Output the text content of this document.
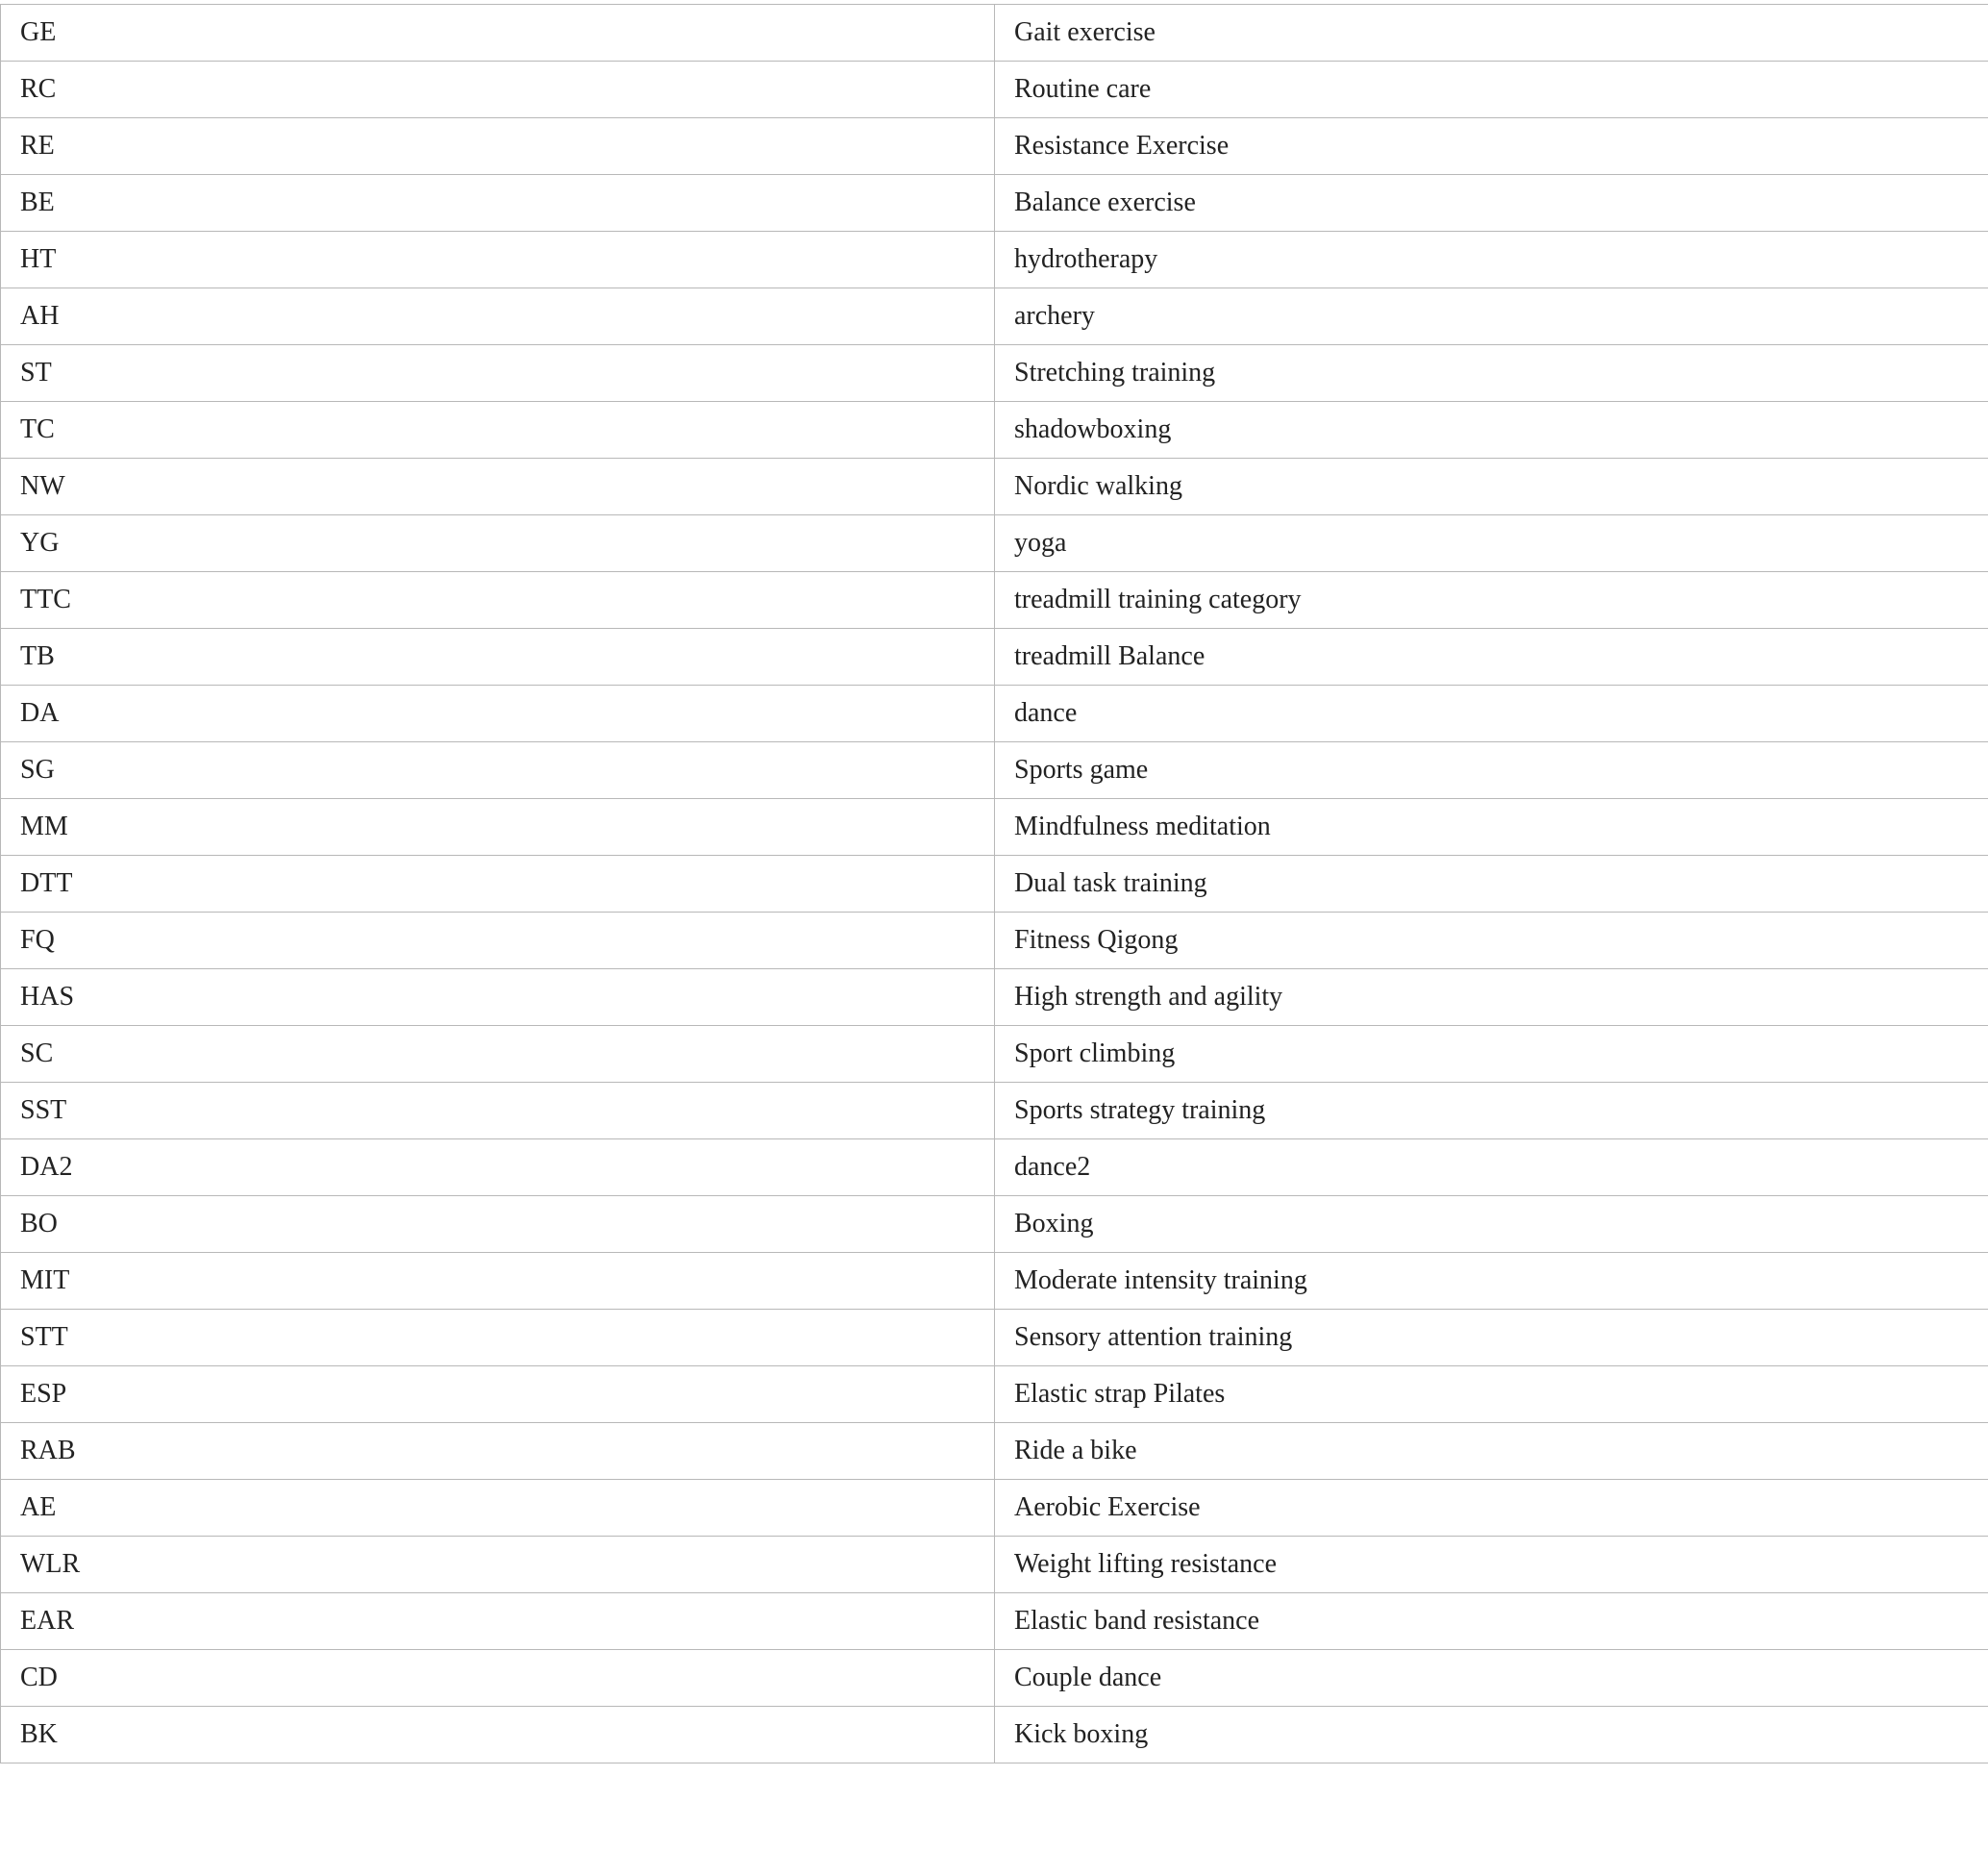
GE	Gait exercise
RC	Routine care
RE	Resistance Exercise
BE	Balance exercise
HT	hydrotherapy
AH	archery
ST	Stretching training
TC	shadowboxing
NW	Nordic walking
YG	yoga
TTC	treadmill training category
TB	treadmill Balance
DA	dance
SG	Sports game
MM	Mindfulness meditation
DTT	Dual task training
FQ	Fitness Qigong
HAS	High strength and agility
SC	Sport climbing
SST	Sports strategy training
DA2	dance2
BO	Boxing
MIT	Moderate intensity training
STT	Sensory attention training
ESP	Elastic strap Pilates
RAB	Ride a bike
AE	Aerobic Exercise
WLR	Weight lifting resistance
EAR	Elastic band resistance
CD	Couple dance
BK	Kick boxing
